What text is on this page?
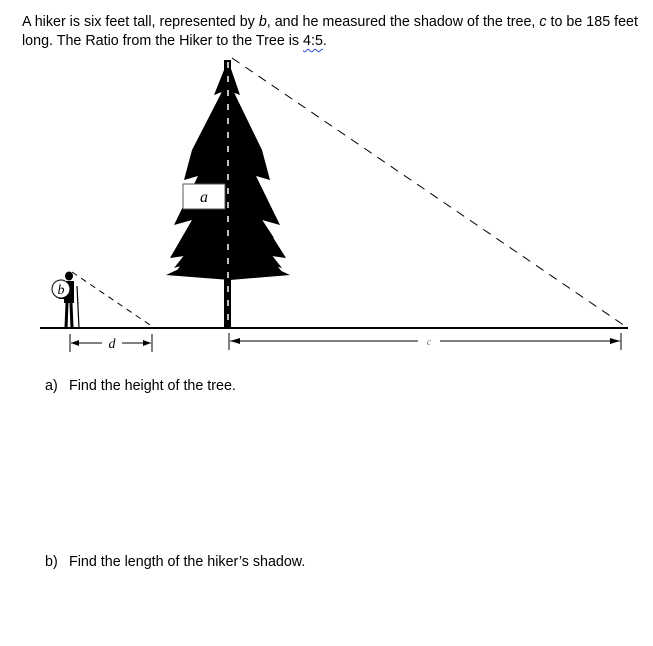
A hiker is six feet tall, represented by b, and he measured the shadow of the tree, c to be 185 feet long. The Ratio from the Hiker to the Tree is 4:5.

a
b
d	c

a) Find the height of the tree.

b) Find the length of the hiker’s shadow.
